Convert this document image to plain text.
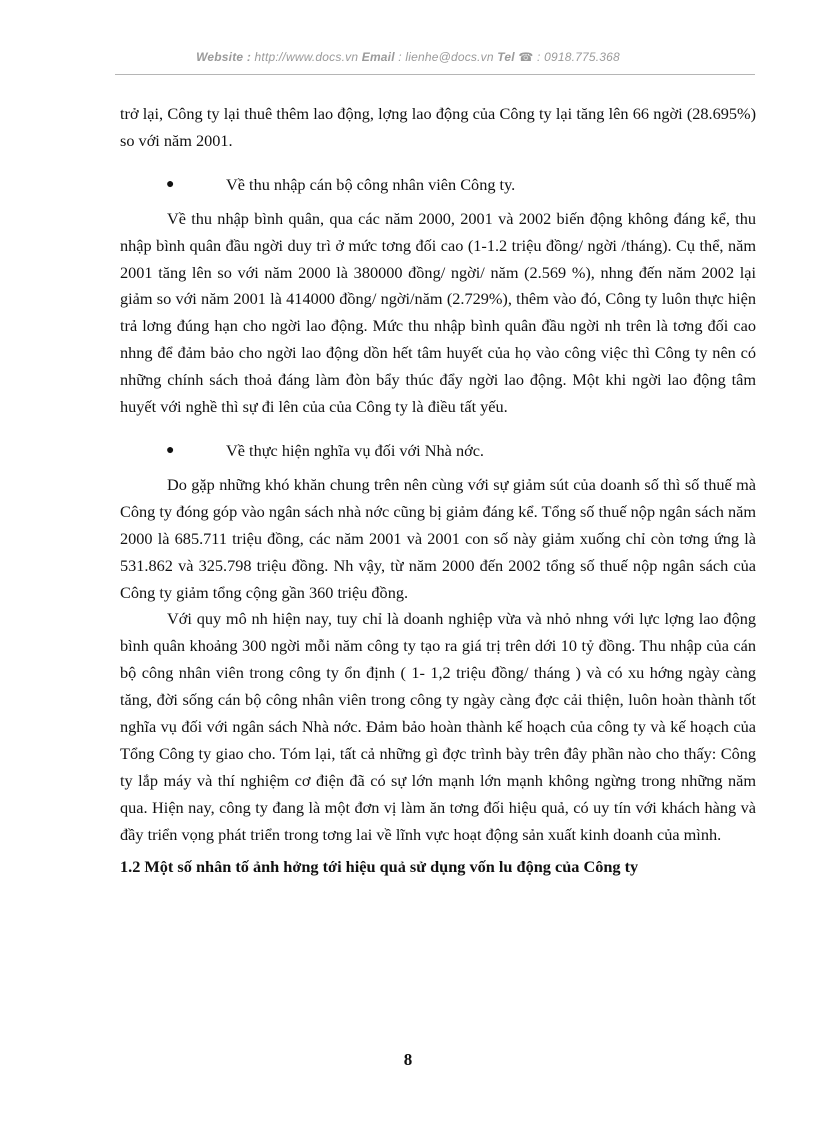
Website : http://www.docs.vn Email : lienhe@docs.vn Tel ☎ : 0918.775.368

trở lại, Công ty lại thuê thêm lao động, lợng lao động của Công ty lại tăng lên 66 ngời (28.695%) so với năm 2001.

●	Về thu nhập cán bộ công nhân viên Công ty.

Về thu nhập bình quân, qua các năm 2000, 2001 và 2002 biến động không đáng kể, thu nhập bình quân đầu ngời duy trì ở mức tơng đối cao (1-1.2 triệu đồng/ ngời /tháng). Cụ thể, năm 2001 tăng lên so với năm 2000 là 380000 đồng/ ngời/ năm (2.569 %), nhng đến năm 2002 lại giảm so với năm 2001 là 414000 đồng/ ngời/năm (2.729%), thêm vào đó, Công ty luôn thực hiện trả lơng đúng hạn cho ngời lao động. Mức thu nhập bình quân đầu ngời nh trên là tơng đối cao nhng để đảm bảo cho ngời lao động dồn hết tâm huyết của họ vào công việc thì Công ty nên có những chính sách thoả đáng làm đòn bẩy thúc đẩy ngời lao động. Một khi ngời lao động tâm huyết với nghề thì sự đi lên của của Công ty là điều tất yếu.

●	Về thực hiện nghĩa vụ đối với Nhà nớc.

Do gặp những khó khăn chung trên nên cùng với sự giảm sút của doanh số thì số thuế mà Công ty đóng góp vào ngân sách nhà nớc cũng bị giảm đáng kể. Tổng số thuế nộp ngân sách năm 2000 là 685.711 triệu đồng, các năm 2001 và 2001 con số này giảm xuống chỉ còn tơng ứng là 531.862 và 325.798 triệu đồng. Nh vậy, từ năm 2000 đến 2002 tổng số thuế nộp ngân sách của Công ty giảm tổng cộng gần 360 triệu đồng.

Với quy mô nh hiện nay, tuy chỉ là doanh nghiệp vừa và nhỏ nhng với lực lợng lao động bình quân khoảng 300 ngời mỗi năm công ty tạo ra giá trị trên dới 10 tỷ đồng. Thu nhập của cán bộ công nhân viên trong công ty ổn định ( 1- 1,2 triệu đồng/ tháng ) và có xu hớng ngày càng tăng, đời sống cán bộ công nhân viên trong công ty ngày càng đợc cải thiện, luôn hoàn thành tốt nghĩa vụ đối với ngân sách Nhà nớc. Đảm bảo hoàn thành kế hoạch của công ty và kế hoạch của Tổng Công ty giao cho. Tóm lại, tất cả những gì đợc trình bày trên đây phần nào cho thấy: Công ty lắp máy và thí nghiệm cơ điện đã có sự lớn mạnh lớn mạnh không ngừng trong những năm qua. Hiện nay, công ty đang là một đơn vị làm ăn tơng đối hiệu quả, có uy tín với khách hàng và đầy triển vọng phát triển trong tơng lai về lĩnh vực hoạt động sản xuất kinh doanh của mình.

1.2 Một số nhân tố ảnh hởng tới hiệu quả sử dụng vốn lu động của Công ty

8
